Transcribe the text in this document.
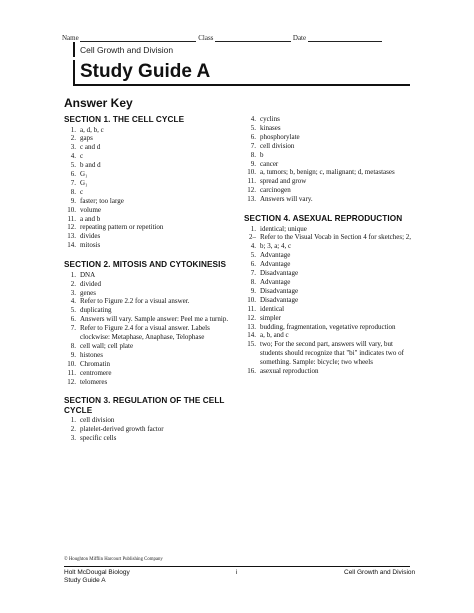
Name	Class	Date
Cell Growth and Division
Study Guide A
Answer Key
SECTION 1. THE CELL CYCLE
1. a, d, b, c
2. gaps
3. c and d
4. c
5. b and d
6. G₁
7. G₁
8. c
9. faster; too large
10. volume
11. a and b
12. repeating pattern or repetition
13. divides
14. mitosis
SECTION 2. MITOSIS AND CYTOKINESIS
1. DNA
2. divided
3. genes
4. Refer to Figure 2.2 for a visual answer.
5. duplicating
6. Answers will vary. Sample answer: Peel me a turnip.
7. Refer to Figure 2.4 for a visual answer. Labels clockwise: Metaphase, Anaphase, Telophase
8. cell wall; cell plate
9. histones
10. Chromatin
11. centromere
12. telomeres
SECTION 3. REGULATION OF THE CELL CYCLE
1. cell division
2. platelet-derived growth factor
3. specific cells
4. cyclins
5. kinases
6. phosphorylate
7. cell division
8. b
9. cancer
10. a, tumors; b, benign; c, malignant; d, metastases
11. spread and grow
12. carcinogen
13. Answers will vary.
SECTION 4. ASEXUAL REPRODUCTION
1. identical; unique
2–4.
Refer to the Visual Vocab in Section 4 for sketches; 2, b; 3, a; 4, c
5. Advantage
6. Advantage
7. Disadvantage
8. Advantage
9. Disadvantage
10. Disadvantage
11. identical
12. simpler
13. budding, fragmentation, vegetative reproduction
14. a, b, and c
15. two; For the second part, answers will vary, but students should recognize that "bi" indicates two of something. Sample: bicycle; two wheels
16. asexual reproduction
© Houghton Mifflin Harcourt Publishing Company
Holt McDougal Biology
Study Guide A
i	Cell Growth and Division
